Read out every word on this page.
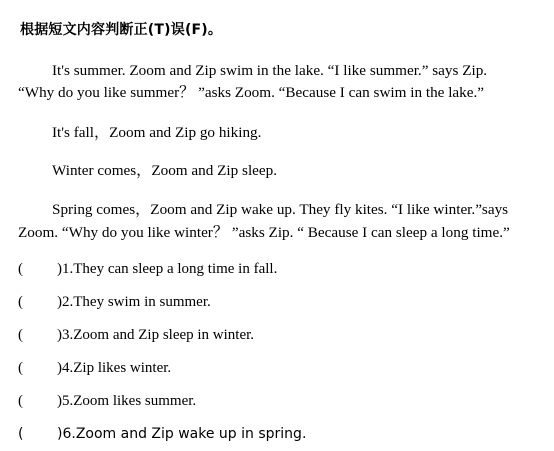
根据短文内容判断正(T)误(F)。
It's summer. Zoom and Zip swim in the lake. “I like summer.” says Zip.
“Why do you like summer？ ”asks Zoom. “Because I can swim in the lake.”
It's fall，Zoom and Zip go hiking.
Winter comes，Zoom and Zip sleep.
Spring comes，Zoom and Zip wake up. They fly kites. “I like winter.”says
Zoom. “Why do you like winter？ ”asks Zip. “ Because I can sleep a long time.”
( )1.They can sleep a long time in fall.
( )2.They swim in summer.
( )3.Zoom and Zip sleep in winter.
( )4.Zip likes winter.
( )5.Zoom likes summer.
( )6.Zoom and Zip wake up in spring.
